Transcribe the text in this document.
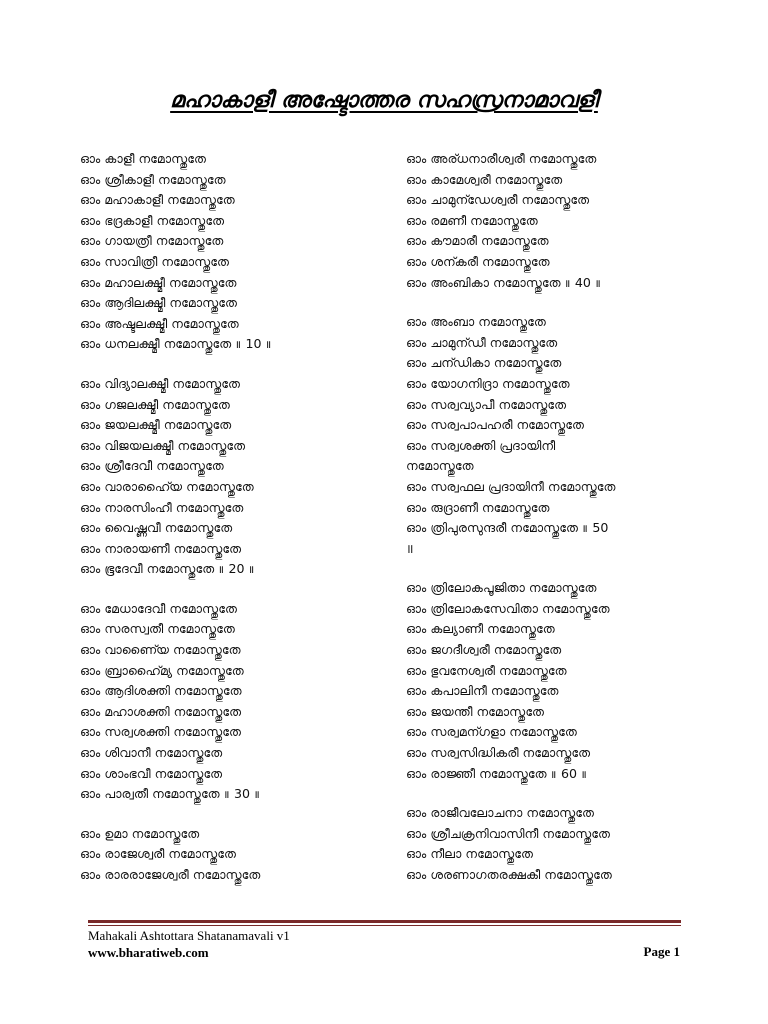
മഹാകാളീ അഷ്ടോത്തര സഹസ്രനാമാവളീ
ഓം കാളീ നമോസ്തുതേ
ഓം ശ്രീകാളീ നമോസ്തുതേ
ഓം മഹാകാളീ നമോസ്തുതേ
ഓം ഭദ്രകാളീ നമോസ്തുതേ
ഓം ഗായത്രീ നമോസ്തുതേ
ഓം സാവിത്രീ നമോസ്തുതേ
ഓം മഹാലക്ഷ്മീ നമോസ്തുതേ
ഓം ആദിലക്ഷ്മീ നമോസ്തുതേ
ഓം അഷ്ടലക്ഷ്മീ നമോസ്തുതേ
ഓം ധനലക്ഷ്മീ നമോസ്തുതേ ॥ 10 ॥
ഓം വിദ്യാലക്ഷ്മീ നമോസ്തുതേ
ഓം ഗജലക്ഷ്മീ നമോസ്തുതേ
ഓം ജയലക്ഷ്മീ നമോസ്തുതേ
ഓം വിജയലക്ഷ്മീ നമോസ്തുതേ
ഓം ശ്രീദേവീ നമോസ്തുതേ
ഓം വാരാഹൈ്യ നമോസ്തുതേ
ഓം നാരസിംഹീ നമോസ്തുതേ
ഓം വൈഷ്ണവീ നമോസ്തുതേ
ഓം നാരായണീ നമോസ്തുതേ
ഓം ഭൂദേവീ നമോസ്തുതേ ॥ 20 ॥
ഓം മേധാദേവീ നമോസ്തുതേ
ഓം സരസ്വതീ നമോസ്തുതേ
ഓം വാണൈ്യ നമോസ്തുതേ
ഓം ബ്രാഹൈ്മ്യ നമോസ്തുതേ
ഓം ആദിശക്തി നമോസ്തുതേ
ഓം മഹാശക്തി നമോസ്തുതേ
ഓം സര്വശക്തി നമോസ്തുതേ
ഓം ശിവാനീ നമോസ്തുതേ
ഓം ശാംഭവീ നമോസ്തുതേ
ഓം പാര്വതീ നമോസ്തുതേ ॥ 30 ॥
ഓം ഉമാ നമോസ്തുതേ
ഓം രാജേശ്വരീ നമോസ്തുതേ
ഓം രാരരാജേശ്വരീ നമോസ്തുതേ
ഓം അര്ധനാരീശ്വരീ നമോസ്തുതേ
ഓം കാമേശ്വരീ നമോസ്തുതേ
ഓം ചാമുന്ഡേശ്വരീ നമോസ്തുതേ
ഓം രമണീ നമോസ്തുതേ
ഓം കൗമാരീ നമോസ്തുതേ
ഓം ശന്കരീ നമോസ്തുതേ
ഓം അംബികാ നമോസ്തുതേ ॥ 40 ॥
ഓം അംബാ നമോസ്തുതേ
ഓം ചാമുന്ഡീ നമോസ്തുതേ
ഓം ചന്ഡികാ നമോസ്തുതേ
ഓം യോഗനിദ്രാ നമോസ്തുതേ
ഓം സര്വവ്യാപീ നമോസ്തുതേ
ഓം സര്വപാപഹരീ നമോസ്തുതേ
ഓം സര്വശക്തി പ്രദായിനീ
നമോസ്തുതേ
ഓം സര്വഫല പ്രദായിനീ നമോസ്തുതേ
ഓം രുദ്രാണീ നമോസ്തുതേ
ഓം ത്രിപുരസുന്ദരീ നമോസ്തുതേ ॥ 50
॥
ഓം ത്രിലോകപൂജിതാ നമോസ്തുതേ
ഓം ത്രിലോകസേവിതാ നമോസ്തുതേ
ഓം കല്യാണീ നമോസ്തുതേ
ഓം ജഗദീശ്വരീ നമോസ്തുതേ
ഓം ഭുവനേശ്വരീ നമോസ്തുതേ
ഓം കപാലിനീ നമോസ്തുതേ
ഓം ജയന്തീ നമോസ്തുതേ
ഓം സര്വമന്ഗളാ നമോസ്തുതേ
ഓം സര്വസിദ്ധികരീ നമോസ്തുതേ
ഓം രാജ്ഞീ നമോസ്തുതേ ॥ 60 ॥
ഓം രാജീവലോചനാ നമോസ്തുതേ
ഓം ശ്രീചക്രനിവാസിനീ നമോസ്തുതേ
ഓം നീലാ നമോസ്തുതേ
ഓം ശരണാഗതരക്ഷകീ നമോസ്തുതേ
Mahakali Ashtottara Shatanamavali v1
www.bharatiweb.com	Page 1
